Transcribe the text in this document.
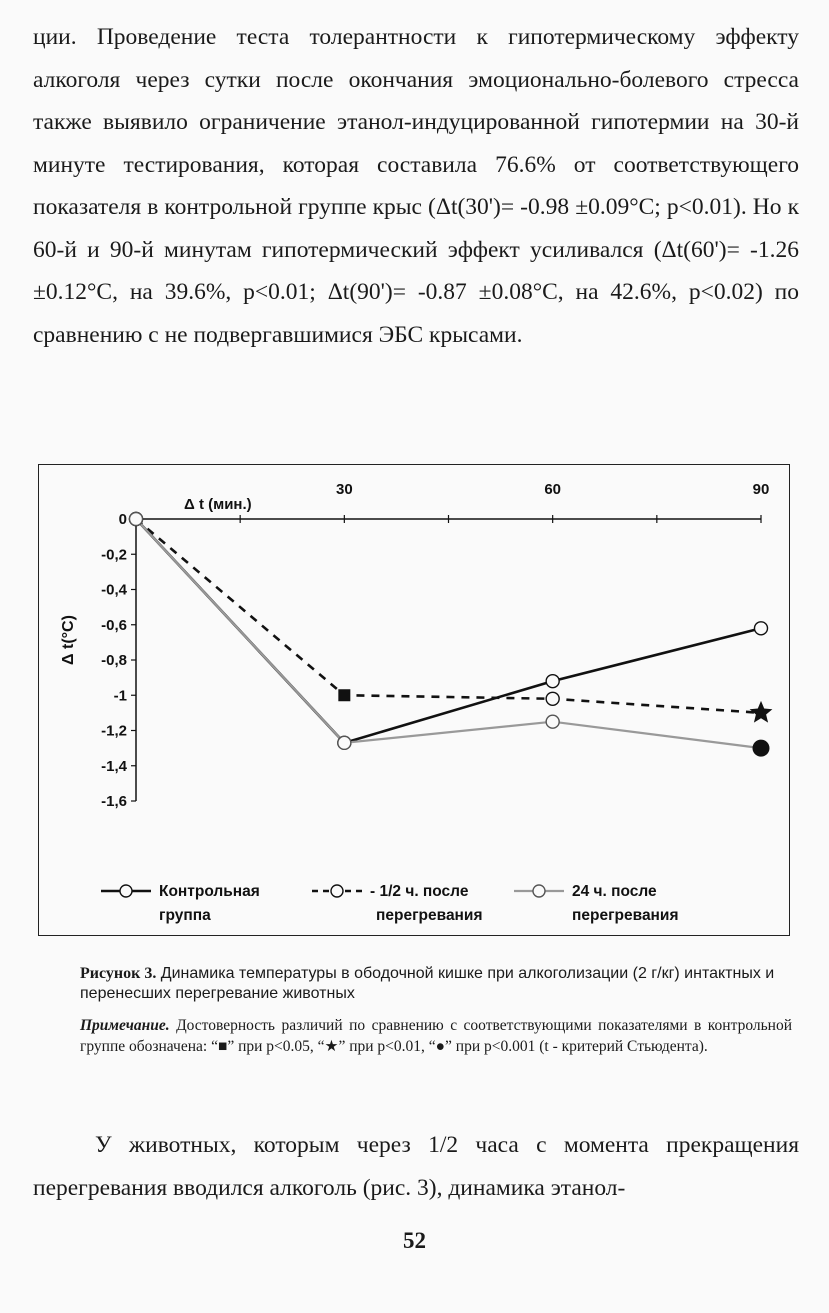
ции. Проведение теста толерантности к гипотермическому эффекту алкоголя через сутки после окончания эмоционально-болевого стресса также выявило ограничение этанол-индуцированной гипотермии на 30-й минуте тестирования, которая составила 76.6% от соответствующего показателя в контрольной группе крыс (Δt(30')= -0.98 ±0.09°C; p<0.01). Но к 60-й и 90-й минутам гипотермический эффект усиливался (Δt(60')= -1.26 ±0.12°C, на 39.6%, p<0.01; Δt(90')= -0.87 ±0.08°C, на 42.6%, p<0.02) по сравнению с не подвергавшимися ЭБС крысами.

0
-0,2
-0,4
-0,6
-0,8
-1
-1,2
-1,4
-1,6
30	60	90
Δ t (мин.)
Δ t(°C)
Контрольная
группа
- 1/2 ч. после
перегревания
24 ч. после
перегревания
Рисунок 3. Динамика температуры в ободочной кишке при алкоголизации (2 г/кг) интактных и перенесших перегревание животных
Примечание. Достоверность различий по сравнению с соответствующими показателями в контрольной группе обозначена: “■” при p<0.05, “★” при p<0.01, “●” при p<0.001 (t - критерий Стьюдента).

У животных, которым через 1/2 часа с момента прекращения перегревания вводился алкоголь (рис. 3), динамика этанол-

52
